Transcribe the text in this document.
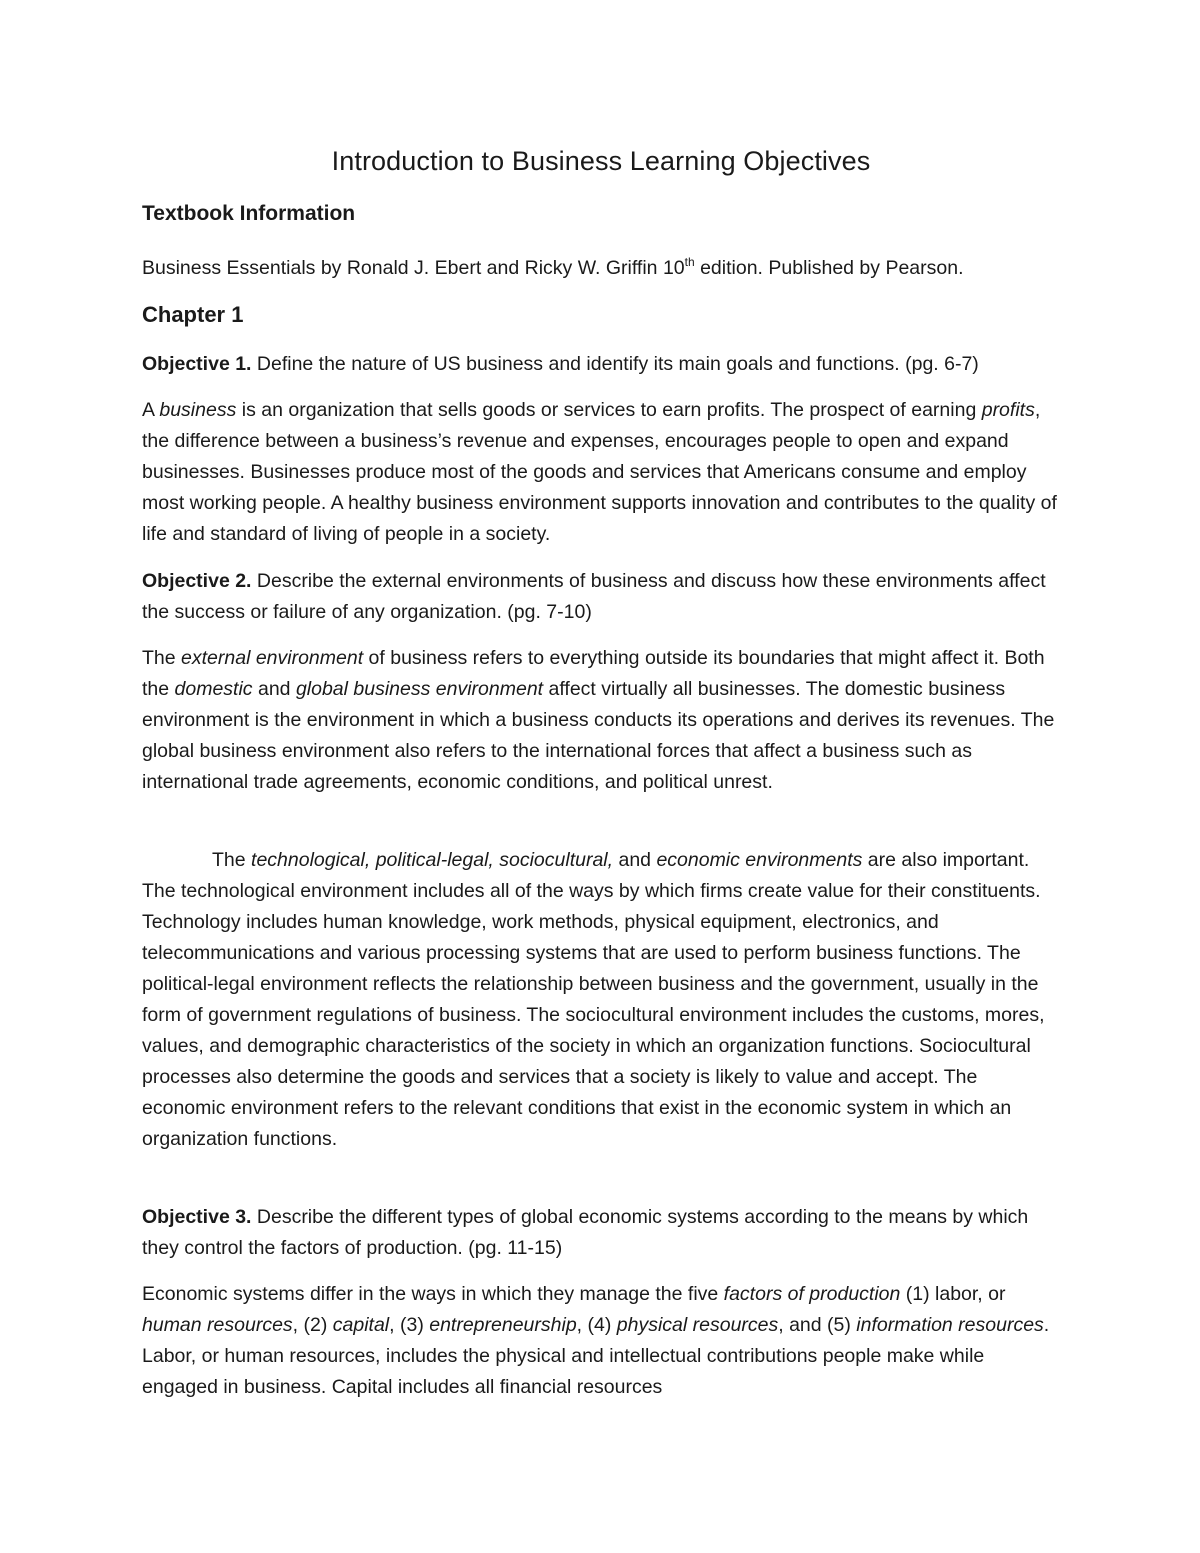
Introduction to Business Learning Objectives
Textbook Information

Business Essentials by Ronald J. Ebert and Ricky W. Griffin 10th edition. Published by Pearson.

Chapter 1

Objective 1. Define the nature of US business and identify its main goals and functions. (pg. 6-7)

A business is an organization that sells goods or services to earn profits. The prospect of earning profits, the difference between a business’s revenue and expenses, encourages people to open and expand businesses. Businesses produce most of the goods and services that Americans consume and employ most working people. A healthy business environment supports innovation and contributes to the quality of life and standard of living of people in a society.

Objective 2. Describe the external environments of business and discuss how these environments affect the success or failure of any organization. (pg. 7-10)

The external environment of business refers to everything outside its boundaries that might affect it. Both the domestic and global business environment affect virtually all businesses. The domestic business environment is the environment in which a business conducts its operations and derives its revenues. The global business environment also refers to the international forces that affect a business such as international trade agreements, economic conditions, and political unrest.

The technological, political-legal, sociocultural, and economic environments are also important. The technological environment includes all of the ways by which firms create value for their constituents. Technology includes human knowledge, work methods, physical equipment, electronics, and telecommunications and various processing systems that are used to perform business functions. The political-legal environment reflects the relationship between business and the government, usually in the form of government regulations of business. The sociocultural environment includes the customs, mores, values, and demographic characteristics of the society in which an organization functions. Sociocultural processes also determine the goods and services that a society is likely to value and accept. The economic environment refers to the relevant conditions that exist in the economic system in which an organization functions.

Objective 3. Describe the different types of global economic systems according to the means by which they control the factors of production. (pg. 11-15)

Economic systems differ in the ways in which they manage the five factors of production (1) labor, or human resources, (2) capital, (3) entrepreneurship, (4) physical resources, and (5) information resources. Labor, or human resources, includes the physical and intellectual contributions people make while engaged in business. Capital includes all financial resources
